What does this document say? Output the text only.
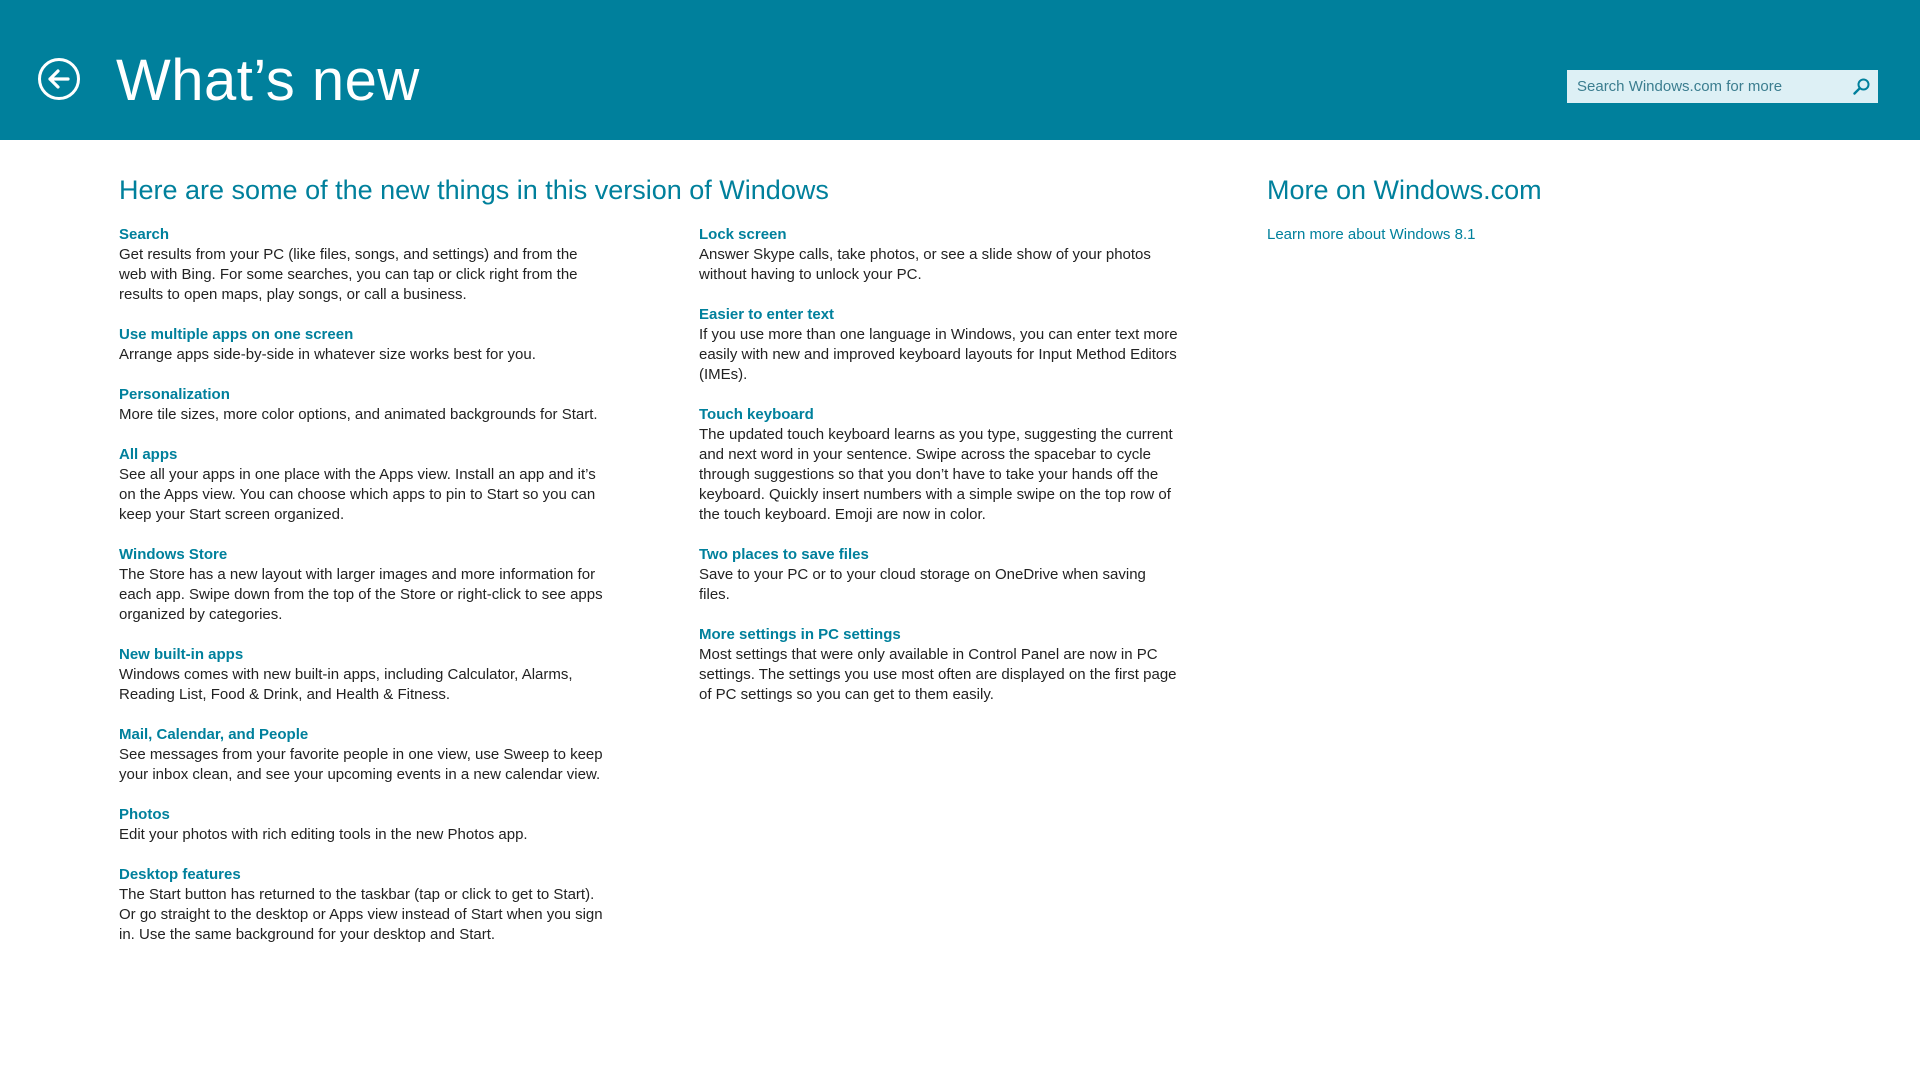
What’s new
Search Windows.com for more
Here are some of the new things in this version of Windows
Search
Get results from your PC (like files, songs, and settings) and from the web with Bing. For some searches, you can tap or click right from the results to open maps, play songs, or call a business.
Use multiple apps on one screen
Arrange apps side-by-side in whatever size works best for you.
Personalization
More tile sizes, more color options, and animated backgrounds for Start.
All apps
See all your apps in one place with the Apps view. Install an app and it’s on the Apps view. You can choose which apps to pin to Start so you can keep your Start screen organized.
Windows Store
The Store has a new layout with larger images and more information for each app. Swipe down from the top of the Store or right-click to see apps organized by categories.
New built-in apps
Windows comes with new built-in apps, including Calculator, Alarms, Reading List, Food & Drink, and Health & Fitness.
Mail, Calendar, and People
See messages from your favorite people in one view, use Sweep to keep your inbox clean, and see your upcoming events in a new calendar view.
Photos
Edit your photos with rich editing tools in the new Photos app.
Desktop features
The Start button has returned to the taskbar (tap or click to get to Start). Or go straight to the desktop or Apps view instead of Start when you sign in. Use the same background for your desktop and Start.
Lock screen
Answer Skype calls, take photos, or see a slide show of your photos without having to unlock your PC.
Easier to enter text
If you use more than one language in Windows, you can enter text more easily with new and improved keyboard layouts for Input Method Editors (IMEs).
Touch keyboard
The updated touch keyboard learns as you type, suggesting the current and next word in your sentence. Swipe across the spacebar to cycle through suggestions so that you don’t have to take your hands off the keyboard. Quickly insert numbers with a simple swipe on the top row of the touch keyboard. Emoji are now in color.
Two places to save files
Save to your PC or to your cloud storage on OneDrive when saving files.
More settings in PC settings
Most settings that were only available in Control Panel are now in PC settings. The settings you use most often are displayed on the first page of PC settings so you can get to them easily.
More on Windows.com
Learn more about Windows 8.1
